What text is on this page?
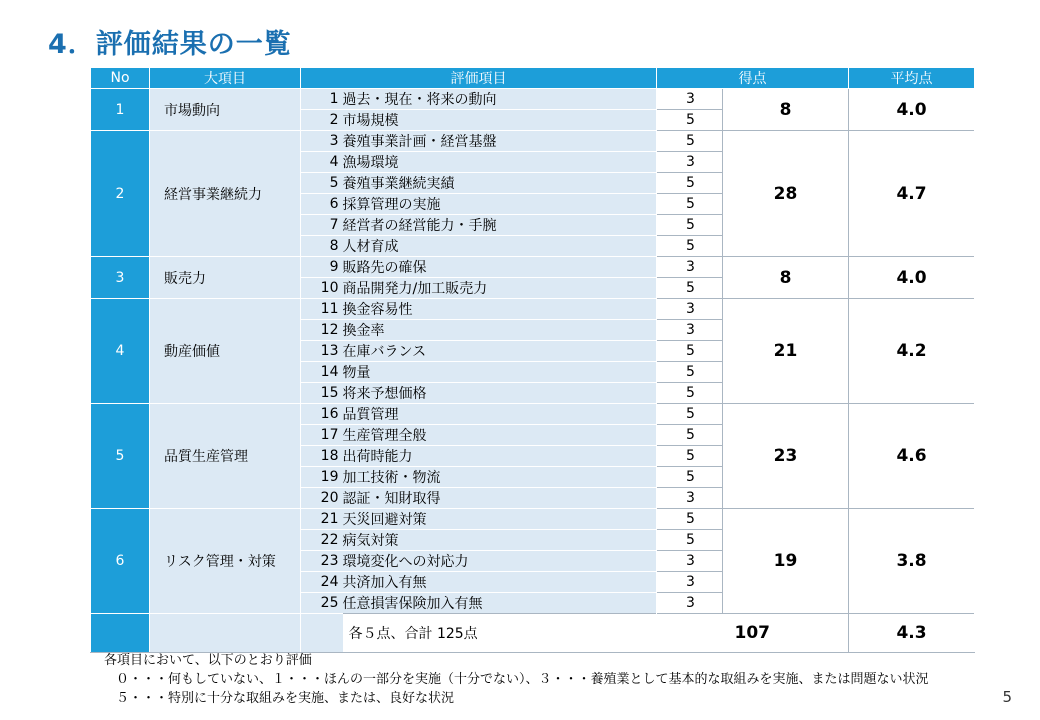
4．評価結果の一覧
No	大項目	評価項目		得点		平均点
1	市場動向	1	過去・現在・将来の動向	3	8	4.0
		2	市場規模	5		
2	経営事業継続力	3	養殖事業計画・経営基盤	5	28	4.7
		4	漁場環境	3		
		5	養殖事業継続実績	5		
		6	採算管理の実施	5		
		7	経営者の経営能力・手腕	5		
		8	人材育成	5		
3	販売力	9	販路先の確保	3	8	4.0
		10	商品開発力/加工販売力	5		
4	動産価値	11	換金容易性	3	21	4.2
		12	換金率	3		
		13	在庫バランス	5		
		14	物量	5		
		15	将来予想価格	5		
5	品質生産管理	16	品質管理	5	23	4.6
		17	生産管理全般	5		
		18	出荷時能力	5		
		19	加工技術・物流	5		
		20	認証・知財取得	3		
6	リスク管理・対策	21	天災回避対策	5	19	3.8
		22	病気対策	5		
		23	環境変化への対応力	3		
		24	共済加入有無	3		
		25	任意損害保険加入有無	3		
			各５点、合計 125点	107		4.3
各項目において、以下のとおり評価
０・・・何もしていない、１・・・ほんの一部分を実施（十分でない）、３・・・養殖業として基本的な取組みを実施、または問題ない状況
５・・・特別に十分な取組みを実施、または、良好な状況	5
